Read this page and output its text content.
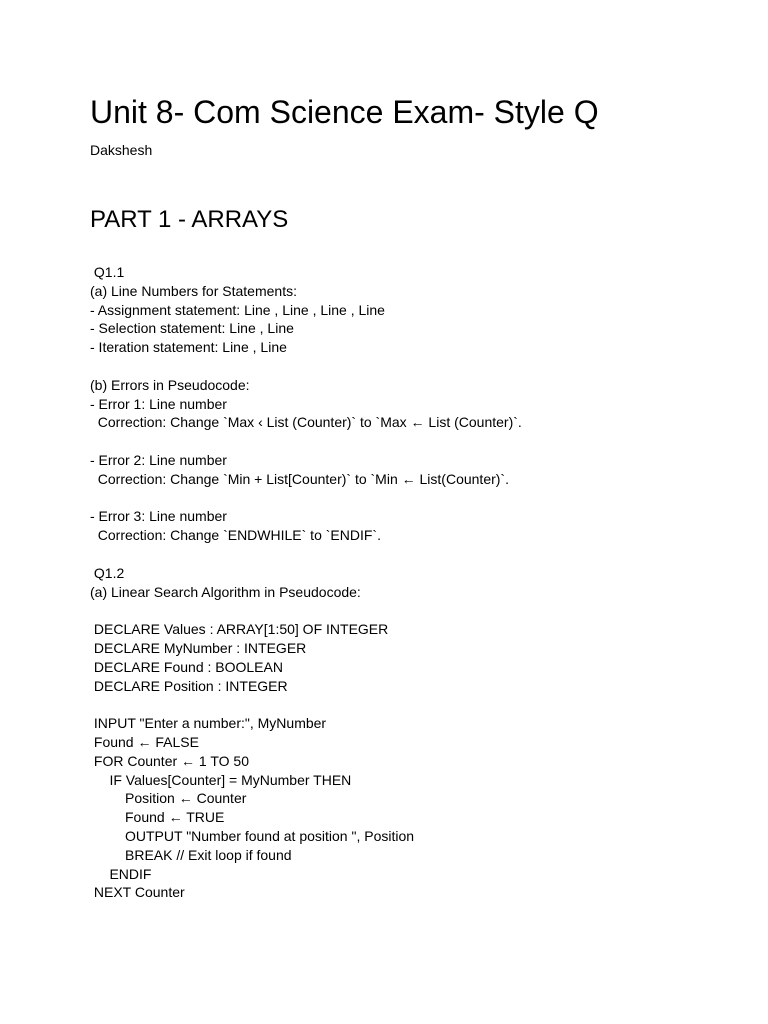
Unit 8- Com Science Exam- Style Q

Dakshesh

PART 1 - ARRAYS
Q1.1
(a) Line Numbers for Statements:
- Assignment statement: Line , Line , Line , Line
- Selection statement: Line , Line
- Iteration statement: Line , Line
(b) Errors in Pseudocode:
- Error 1: Line number
Correction: Change `Max ‹ List (Counter)` to `Max ← List (Counter)`.
- Error 2: Line number
Correction: Change `Min + List[Counter)` to `Min ← List(Counter)`.
- Error 3: Line number
Correction: Change `ENDWHILE` to `ENDIF`.
Q1.2
(a) Linear Search Algorithm in Pseudocode:
DECLARE Values : ARRAY[1:50] OF INTEGER
DECLARE MyNumber : INTEGER
DECLARE Found : BOOLEAN
DECLARE Position : INTEGER
INPUT "Enter a number:", MyNumber
Found ← FALSE
FOR Counter ← 1 TO 50
IF Values[Counter] = MyNumber THEN
Position ← Counter
Found ← TRUE
OUTPUT "Number found at position ", Position
BREAK // Exit loop if found
ENDIF
NEXT Counter
